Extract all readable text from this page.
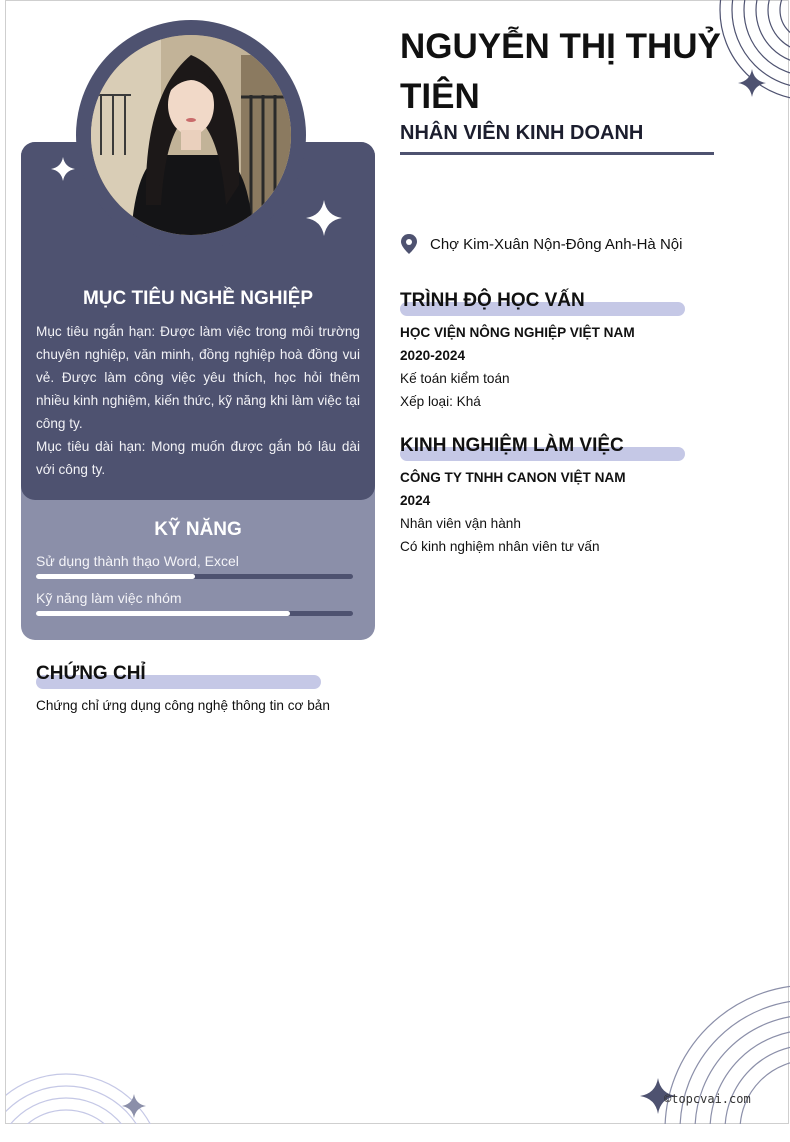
MỤC TIÊU NGHỀ NGHIỆP

Mục tiêu ngắn hạn: Được làm việc trong môi trường chuyên nghiệp, văn minh, đồng nghiệp hoà đồng vui vẻ. Được làm công việc yêu thích, học hỏi thêm nhiều kinh nghiệm, kiến thức, kỹ năng khi làm việc tại công ty.

Mục tiêu dài hạn: Mong muốn được gắn bó lâu dài với công ty.

KỸ NĂNG
Sử dụng thành thạo Word, Excel
Kỹ năng làm việc nhóm
CHỨNG CHỈ
Chứng chỉ ứng dụng công nghệ thông tin cơ bản
NGUYỄN THỊ THUỶ TIÊN
NHÂN VIÊN KINH DOANH
Chợ Kim-Xuân Nộn-Đông Anh-Hà Nội
TRÌNH ĐỘ HỌC VẤN
HỌC VIỆN NÔNG NGHIỆP VIỆT NAM
2020-2024
Kế toán kiểm toán
Xếp loại: Khá
KINH NGHIỆM LÀM VIỆC
CÔNG TY TNHH CANON VIỆT NAM
2024
Nhân viên vận hành
Có kinh nghiệm nhân viên tư vấn
©topcvai.com
